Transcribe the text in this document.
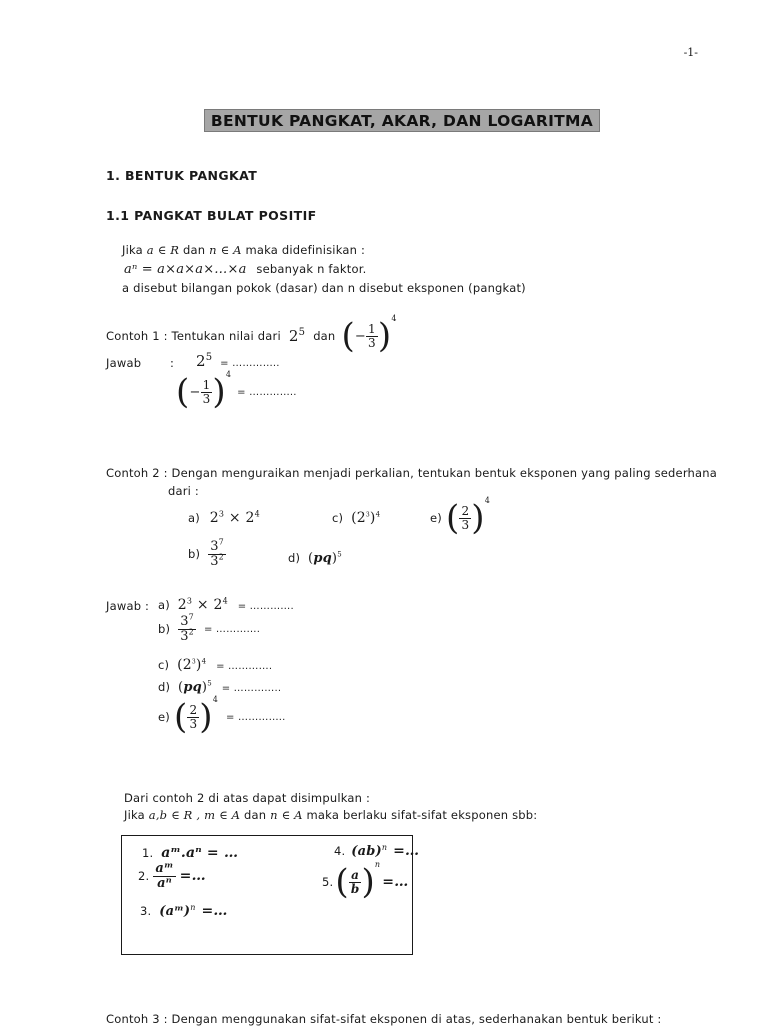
-1-
BENTUK PANGKAT, AKAR, DAN LOGARITMA
1. BENTUK PANGKAT
1.1 PANGKAT BULAT POSITIF
Jika a ∈ R dan n ∈ A maka didefinisikan :
aⁿ = a×a×a×…×a sebanyak n faktor.
a disebut bilangan pokok (dasar) dan n disebut eksponen (pangkat)
Contoh 1 : Tentukan nilai dari $2^5$ dan ( − $\frac{1}{3} )^4$
Jawab	: $2^5$ = …………..
( − $\frac{1}{3} )^4$
= …………..
Contoh 2 : Dengan menguraikan menjadi perkalian, tentukan bentuk eksponen yang paling sederhana
dari :
a) $2^3 \times 2^4$	c) $(2^3)^4$	e) ( $\frac{2}{3} )^4$
$b) \frac{3^7}{3^2}$	d) (pq)$^5$
Jawab : a) $2^3 \times 2^4$ = ………….
$b) \frac{3^7}{3^2}$ = ………….
c) $(2^3)^4$ = ………….
d) (pq)$^5$ = …………..
e) ( $\frac{2}{3} )^4$
= …………..
Dari contoh 2 di atas dapat disimpulkan :
Jika a,b ∈ R , m ∈ A dan n ∈ A maka berlaku sifat-sifat eksponen sbb:
1. aᵐ.aⁿ = …
2. $\frac{\text{aᵐ}}{\text{aⁿ}}$ =…
3. (aᵐ)$^n$ =…
4. (ab)$^n$ =…
5. ( $\frac{a}{b} )^n$
=…
Contoh 3 : Dengan menggunakan sifat-sifat eksponen di atas, sederhanakan bentuk berikut :
